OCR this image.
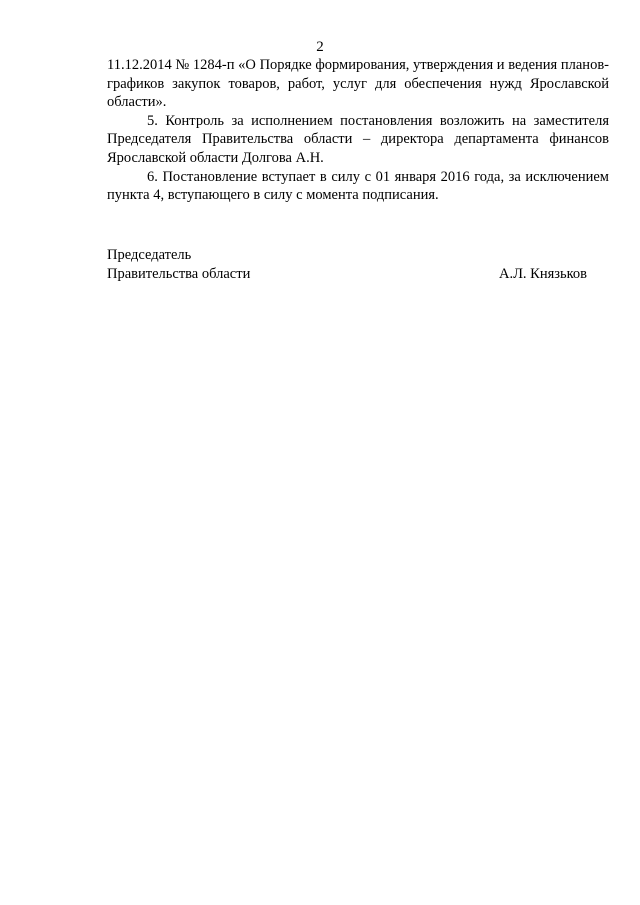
2

11.12.2014 № 1284-п «О Порядке формирования, утверждения и ведения планов-графиков закупок товаров, работ, услуг для обеспечения нужд Ярославской области».

5. Контроль за исполнением постановления возложить на заместителя Председателя Правительства области – директора департамента финансов Ярославской области Долгова А.Н.

6. Постановление вступает в силу с 01 января 2016 года, за исключением пункта 4, вступающего в силу с момента подписания.

Председатель
Правительства области	А.Л. Князьков
